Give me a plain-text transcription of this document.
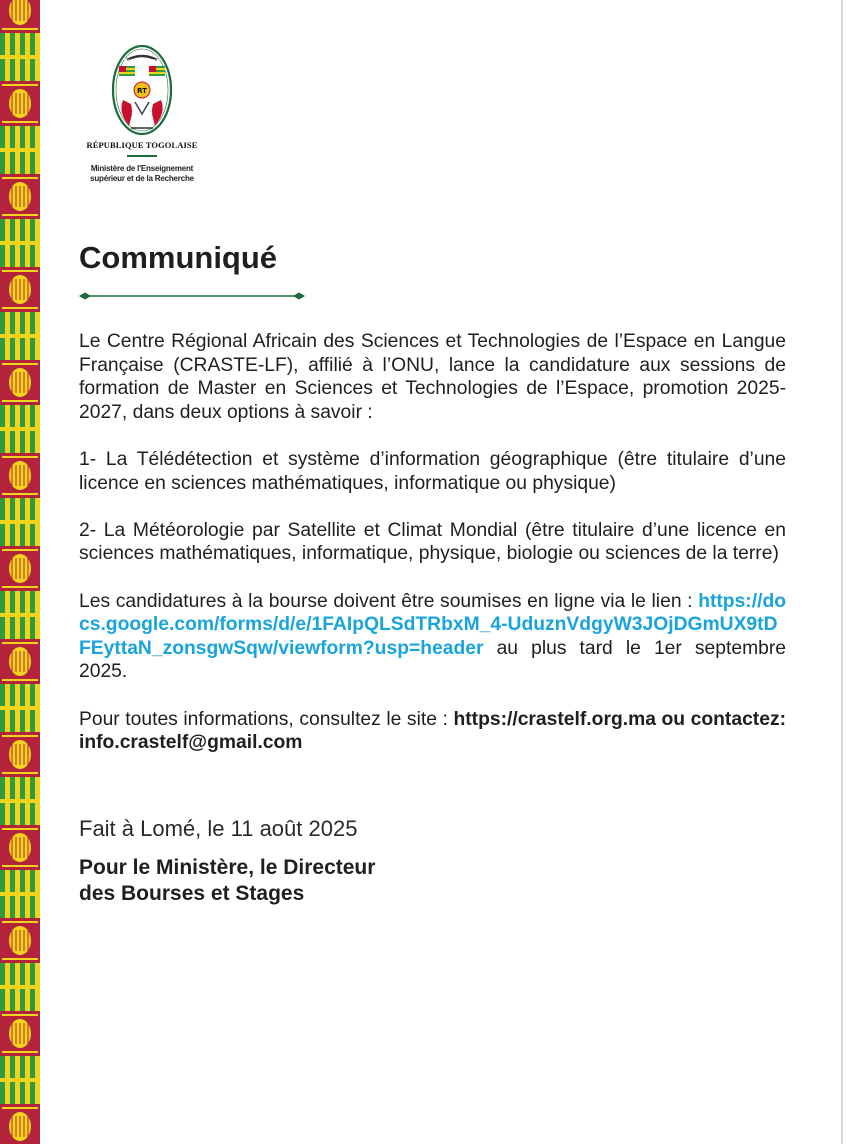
TRAVAIL LIBERTÉ PATRIE
RT
RÉPUBLIQUE TOGOLAISE
Ministère de l'Enseignement
supérieur et de la Recherche
Communiqué

Le Centre Régional Africain des Sciences et Technologies de l’Espace en Langue Française (CRASTE-LF), affilié à l’ONU, lance la candidature aux sessions de formation de Master en Sciences et Technologies de l’Espace, promotion 2025-2027, dans deux options à savoir :

1- La Télédétection et système d’information géographique (être titulaire d’une licence en sciences mathématiques, informatique ou physique)

2- La Météorologie par Satellite et Climat Mondial (être titulaire d’une licence en sciences mathématiques, informatique, physique, biologie ou sciences de la terre)

Les candidatures à la bourse doivent être soumises en ligne via le lien : https://docs.google.com/forms/d/e/1FAIpQLSdTRbxM_4-UduznVdgyW3JOjDGmUX9tDFEyttaN_zonsgwSqw/viewform?usp=header au plus tard le 1er septembre 2025.

Pour toutes informations, consultez le site : https://crastelf.org.ma ou contactez: info.crastelf@gmail.com

Fait à Lomé, le 11 août 2025
Pour le Ministère, le Directeur
des Bourses et Stages
